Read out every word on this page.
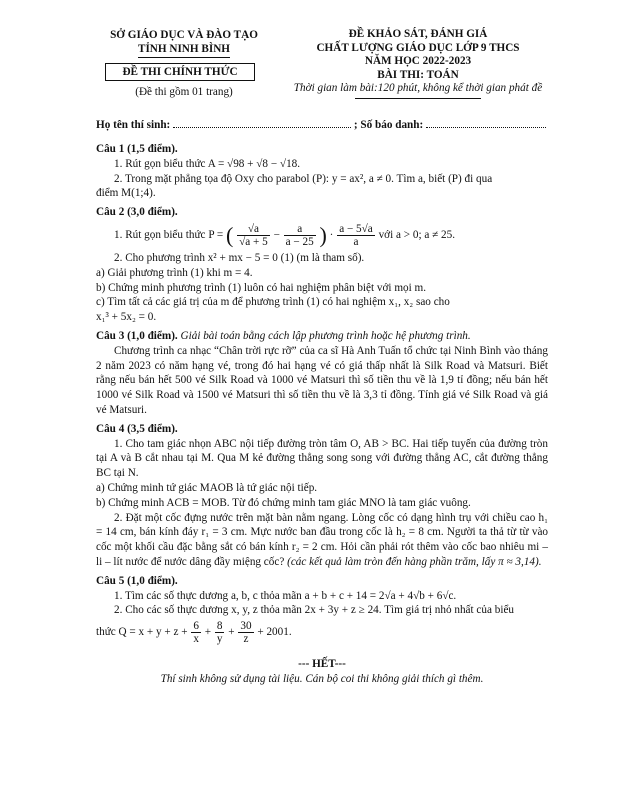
SỞ GIÁO DỤC VÀ ĐÀO TẠO
TỈNH NINH BÌNH
ĐỀ THI CHÍNH THỨC
(Đề thi gồm 01 trang)
ĐỀ KHẢO SÁT, ĐÁNH GIÁ
CHẤT LƯỢNG GIÁO DỤC LỚP 9 THCS
NĂM HỌC 2022-2023
BÀI THI: TOÁN
Thời gian làm bài:120 phút, không kể thời gian phát đề
Họ tên thí sinh:	; Số báo danh:
Câu 1 (1,5 điểm).
1. Rút gọn biểu thức A = √98 + √8 − √18.
2. Trong mặt phẳng tọa độ Oxy cho parabol (P): y = ax², a ≠ 0. Tìm a, biết (P) đi qua
điểm M(1;4).
Câu 2 (3,0 điểm).
1. Rút gọn biểu thức P = ( $\frac{√a}{√a + 5} - \frac{a}{a - 25}$ ) · $\frac{a - 5√a}{a}$ với a > 0; a ≠ 25.
2. Cho phương trình x² + mx − 5 = 0 (1) (m là tham số).
a) Giải phương trình (1) khi m = 4.
b) Chứng minh phương trình (1) luôn có hai nghiệm phân biệt với mọi m.
c) Tìm tất cả các giá trị của m để phương trình (1) có hai nghiệm x₁, x₂ sao cho
x₁³ + 5x₂ = 0.
Câu 3 (1,0 điểm). Giải bài toán bằng cách lập phương trình hoặc hệ phương trình.
Chương trình ca nhạc “Chân trời rực rỡ” của ca sĩ Hà Anh Tuấn tổ chức tại Ninh Bình vào tháng 2 năm 2023 có năm hạng vé, trong đó hai hạng vé có giá thấp nhất là Silk Road và Matsuri. Biết rằng nếu bán hết 500 vé Silk Road và 1000 vé Matsuri thì số tiền thu về là 1,9 tỉ đồng; nếu bán hết 1000 vé Silk Road và 1500 vé Matsuri thì số tiền thu về là 3,3 tỉ đồng. Tính giá vé Silk Road và giá vé Matsuri.
Câu 4 (3,5 điểm).
1. Cho tam giác nhọn ABC nội tiếp đường tròn tâm O, AB > BC. Hai tiếp tuyến của đường tròn tại A và B cắt nhau tại M. Qua M kẻ đường thẳng song song với đường thẳng AC, cắt đường thẳng BC tại N.
a) Chứng minh tứ giác MAOB là tứ giác nội tiếp.
b) Chứng minh ACB = MOB. Từ đó chứng minh tam giác MNO là tam giác vuông.
2. Đặt một cốc đựng nước trên mặt bàn nằm ngang. Lòng cốc có dạng hình trụ với chiều cao h₁ = 14 cm, bán kính đáy r₁ = 3 cm. Mực nước ban đầu trong cốc là h₂ = 8 cm. Người ta thả từ từ vào cốc một khối cầu đặc bằng sắt có bán kính r₂ = 2 cm. Hỏi cần phải rót thêm vào cốc bao nhiêu mi – li – lít nước để nước dâng đầy miệng cốc? (các kết quả làm tròn đến hàng phần trăm, lấy π ≈ 3,14).
Câu 5 (1,0 điểm).
1. Tìm các số thực dương a, b, c thỏa mãn a + b + c + 14 = 2√a + 4√b + 6√c.
2. Cho các số thực dương x, y, z thỏa mãn 2x + 3y + z ≥ 24. Tìm giá trị nhỏ nhất của biểu
thức $Q = x + y + z + \frac{6}{x} + \frac{8}{y} + \frac{30}{z} + 2001$.
--- HẾT---
Thí sinh không sử dụng tài liệu. Cán bộ coi thi không giải thích gì thêm.
